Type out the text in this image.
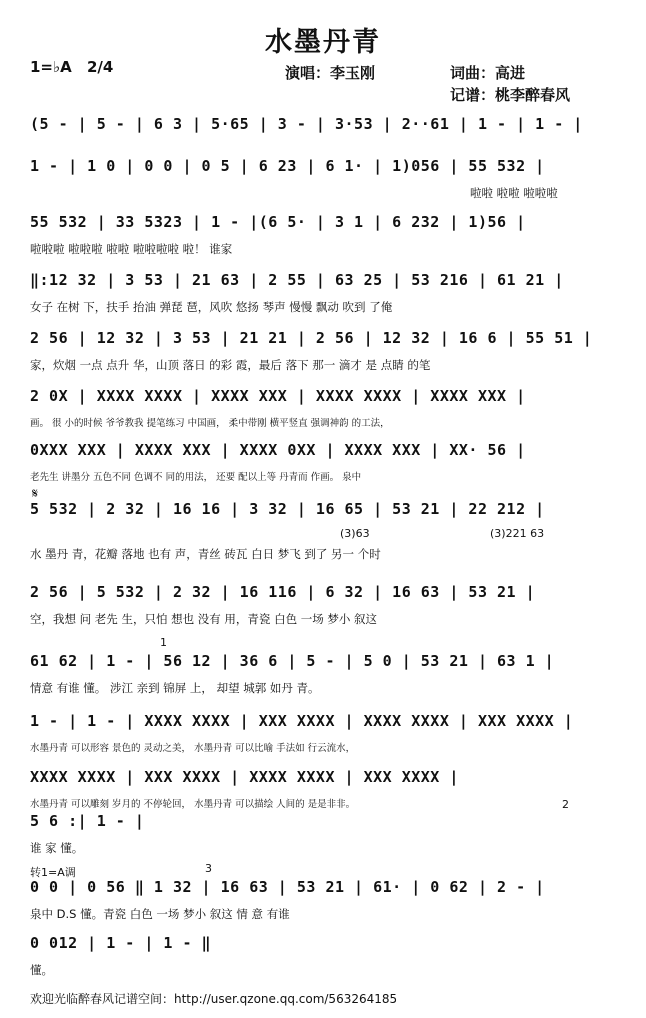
水墨丹青
1=♭A 2/4	演唱：李玉刚	词曲：高进
记谱：桃李醉春风
(5 - | 5 - | 6 3 | 5·65 | 3 - | 3·53 | 2··61 | 1 - | 1 - |
1 - | 1 0 | 0 0 | 0 5 | 6 23 | 6 1· | 1)056 | 55 532 |
啦啦 啦啦 啦啦啦
55 532 | 33 5323 | 1 - |(6 5· | 3 1 | 6 232 | 1)56 |
啦啦啦 啦啦啦 啦啦 啦啦啦啦 啦！ 谁家
‖:12 32 | 3 53 | 21 63 | 2 55 | 63 25 | 53 216 | 61 21 |
女子 在树 下，扶手 抬油 弹琵 琶，风吹 悠扬 琴声 慢慢 飘动 吹到 了俺
2 56 | 12 32 | 3 53 | 21 21 | 2 56 | 12 32 | 16 6 | 55 51 |
家，炊烟 一点 点升 华，山顶 落日 的彩 霞，最后 落下 那一 滴才 是 点睛 的笔
2 0X | XXXX XXXX | XXXX XXX | XXXX XXXX | XXXX XXX |
画。 很 小的时候 爷爷教我 提笔练习 中国画， 柔中带刚 横平竖直 强调神韵 的工法，
0XXX XXX | XXXX XXX | XXXX 0XX | XXXX XXX | XX· 56 |
老先生 讲墨分 五色不同 色调不 同的用法， 还要 配以上等 丹青而 作画。 泉中
𝄋
5 532 | 2 32 | 16 16 | 3 32 | 16 65 | 53 21 | 22 212 |
水 墨丹 青，花瓣 落地 也有 声，青丝 砖瓦 白日 梦飞 到了 另一 个时
(3)63	(3)221 63
2 56 | 5 532 | 2 32 | 16 116 | 6 32 | 16 63 | 53 21 |
空，我想 问 老先 生，只怕 想也 没有 用，青瓷 白色 一场 梦小 叙这
1
61 62 | 1 - | 56 12 | 36 6 | 5 - | 5 0 | 53 21 | 63 1 |
情意 有谁 懂。 涉江 亲到 锦屏 上， 却望 城郭 如丹 青。
1 - | 1 - | XXXX XXXX | XXX XXXX | XXXX XXXX | XXX XXXX |
水墨丹青 可以形容 景色的 灵动之美， 水墨丹青 可以比喻 手法如 行云流水，
XXXX XXXX | XXX XXXX | XXXX XXXX | XXX XXXX |
水墨丹青 可以雕刻 岁月的 不停轮回， 水墨丹青 可以描绘 人间的 是是非非。	2
5 6 :| 1 - |
谁 家 懂。
转1=A调	3
0 0 | 0 56 ‖ 1 32 | 16 63 | 53 21 | 61· | 0 62 | 2 - |
泉中 D.S 懂。青瓷 白色 一场 梦小 叙这 情 意 有谁
0 012 | 1 - | 1 - ‖
懂。
欢迎光临醉春风记谱空间：http://user.qzone.qq.com/563264185
